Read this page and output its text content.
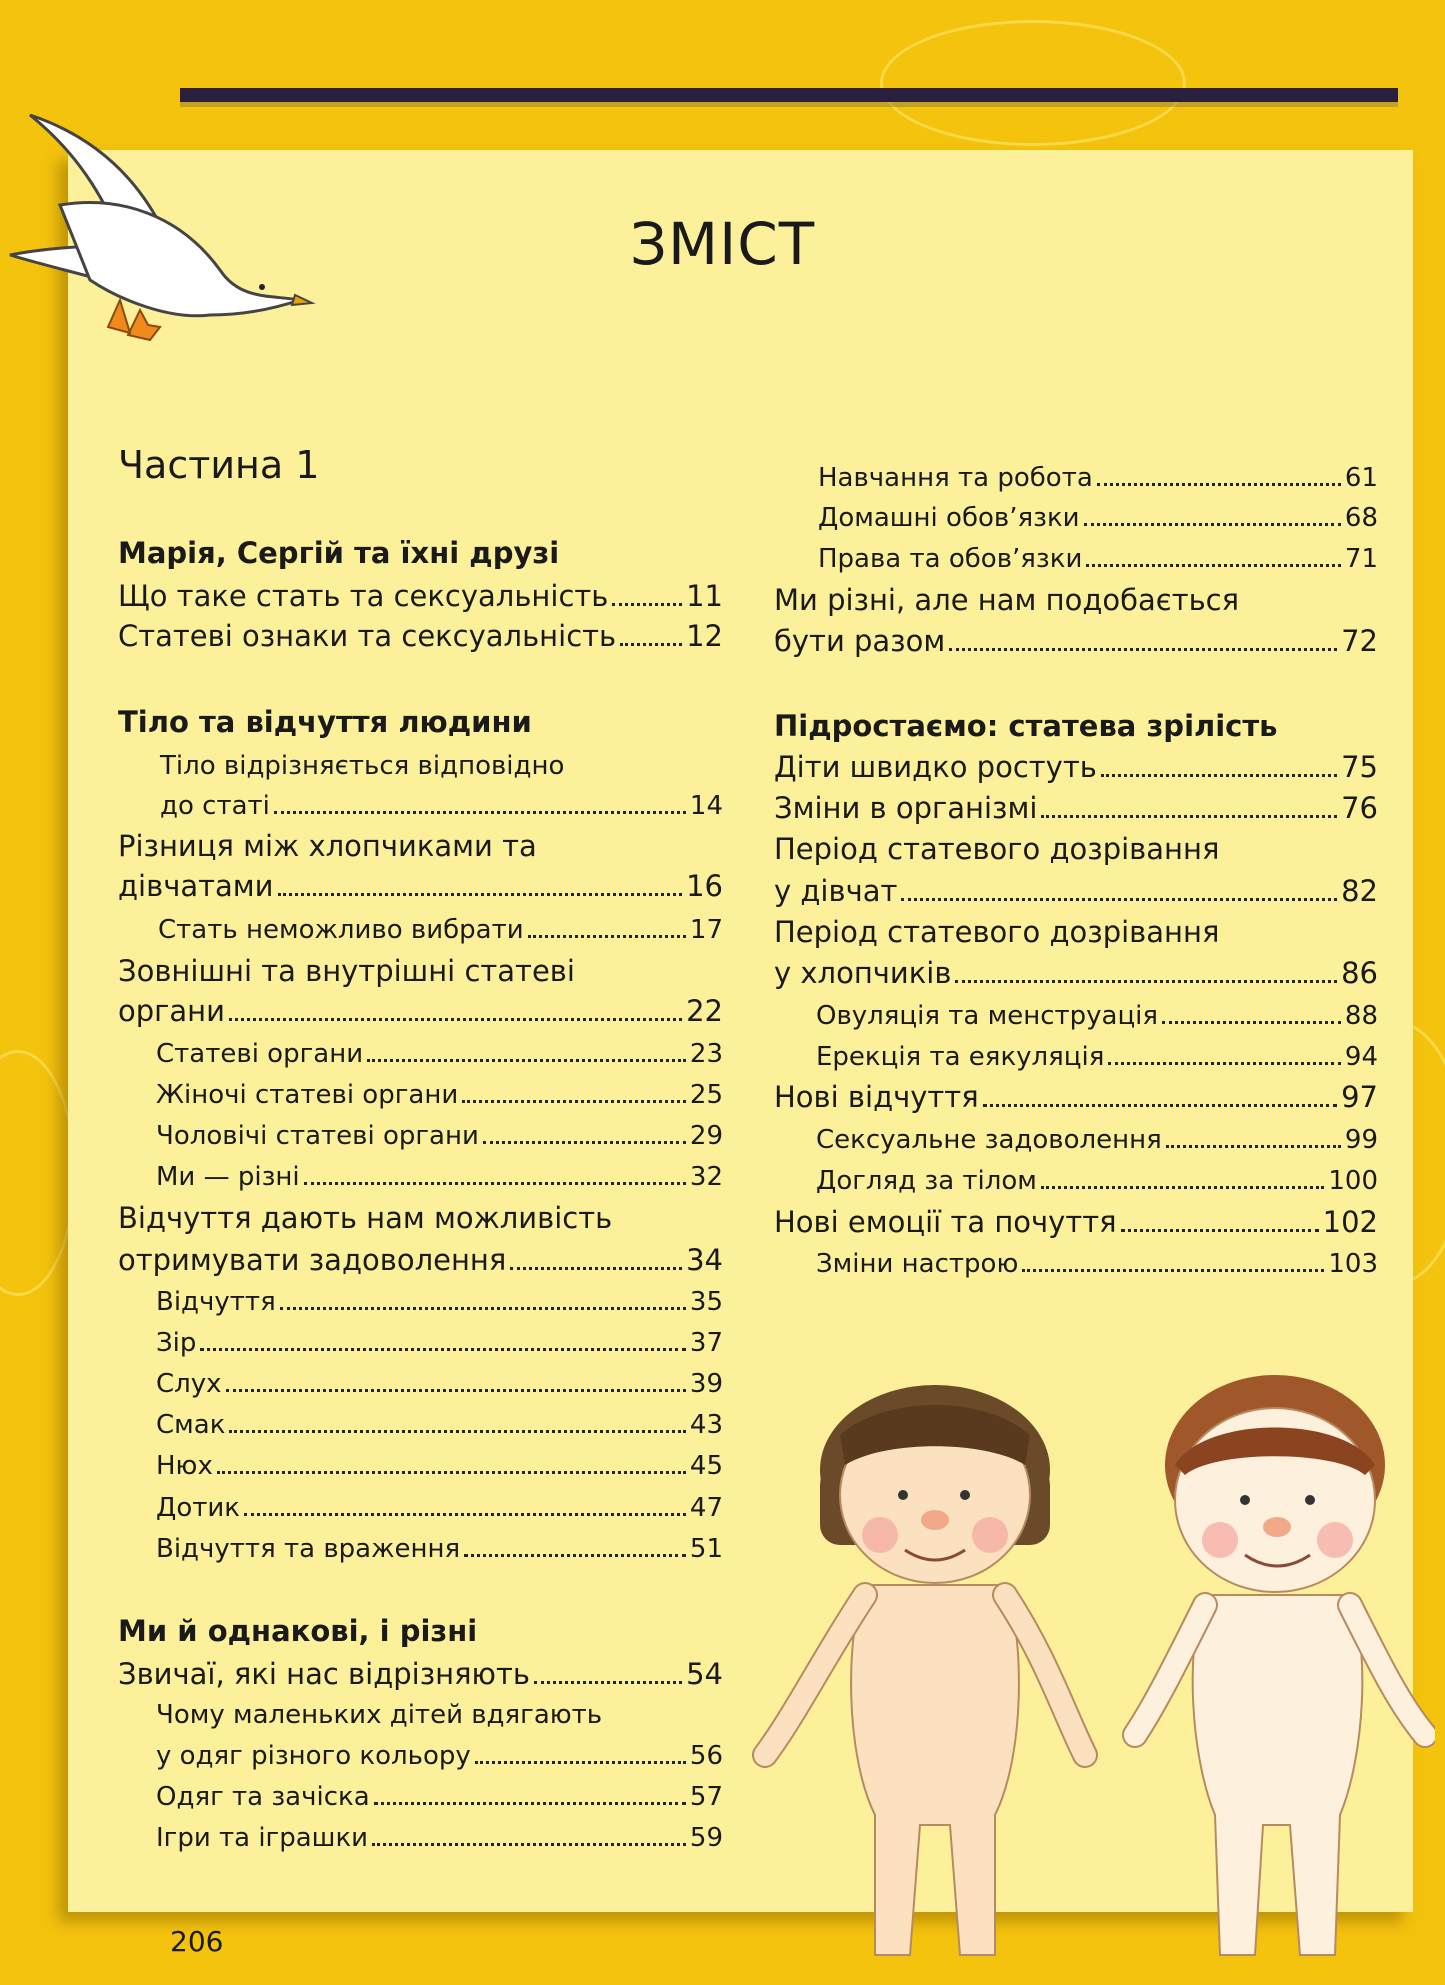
ЗМІСТ
Частина 1
Марія, Сергій та їхні друзі
Що таке стать та сексуальність	11
Статеві ознаки та сексуальність 12
Тіло та відчуття людини
Тіло відрізняється відповідно
до статі	14
Різниця між хлопчиками та
дівчатами	16
Стать неможливо вибрати	17
Зовнішні та внутрішні статеві
органи	22
Статеві органи	23
Жіночі статеві органи	25
Чоловічі статеві органи	29
Ми — різні	32
Відчуття дають нам можливість
отримувати задоволення	34
Відчуття	35
Зір	37
Слух	39
Смак	43
Нюх	45
Дотик	47
Відчуття та враження	51
Ми й однакові, і різні
Звичаї, які нас відрізняють	54
Чому маленьких дітей вдягають
у одяг різного кольору	56
Одяг та зачіска	57
Ігри та іграшки	59
Навчання та робота	61
Домашні обов’язки	68
Права та обов’язки	71
Ми різні, але нам подобається
бути разом	72
Підростаємо: статева зрілість
Діти швидко ростуть	75
Зміни в організмі	76
Період статевого дозрівання
у дівчат	82
Період статевого дозрівання
у хлопчиків	86
Овуляція та менструація	88
Ерекція та еякуляція	94
Нові відчуття	97
Сексуальне задоволення	99
Догляд за тілом	100
Нові емоції та почуття	102
Зміни настрою	103
206
